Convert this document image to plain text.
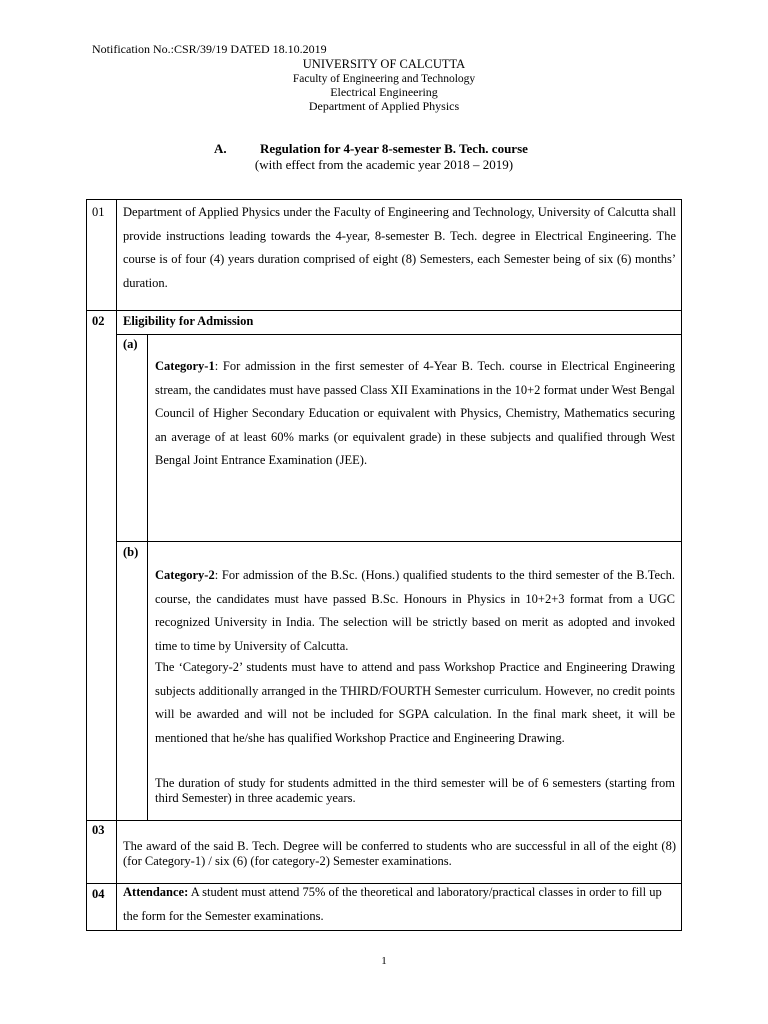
Notification No.:CSR/39/19 DATED 18.10.2019
UNIVERSITY OF CALCUTTA
Faculty of Engineering and Technology
Electrical Engineering
Department of Applied Physics
A.	Regulation for 4-year 8-semester B. Tech. course
(with effect from the academic year 2018 – 2019)
01 Department of Applied Physics under the Faculty of Engineering and Technology, University of Calcutta shall provide instructions leading towards the 4-year, 8-semester B. Tech. degree in Electrical Engineering. The course is of four (4) years duration comprised of eight (8) Semesters, each Semester being of six (6) months’ duration.
02 Eligibility for Admission
(a)
Category-1: For admission in the first semester of 4-Year B. Tech. course in Electrical Engineering stream, the candidates must have passed Class XII Examinations in the 10+2 format under West Bengal Council of Higher Secondary Education or equivalent with Physics, Chemistry, Mathematics securing an average of at least 60% marks (or equivalent grade) in these subjects and qualified through West Bengal Joint Entrance Examination (JEE).
(b)
Category-2: For admission of the B.Sc. (Hons.) qualified students to the third semester of the B.Tech. course, the candidates must have passed B.Sc. Honours in Physics in 10+2+3 format from a UGC recognized University in India. The selection will be strictly based on merit as adopted and invoked time to time by University of Calcutta.
The ‘Category-2’ students must have to attend and pass Workshop Practice and Engineering Drawing subjects additionally arranged in the THIRD/FOURTH Semester curriculum. However, no credit points will be awarded and will not be included for SGPA calculation. In the final mark sheet, it will be mentioned that he/she has qualified Workshop Practice and Engineering Drawing.
The duration of study for students admitted in the third semester will be of 6 semesters (starting from third Semester) in three academic years.
03
The award of the said B. Tech. Degree will be conferred to students who are successful in all of the eight (8) (for Category-1) / six (6) (for category-2) Semester examinations.
04 Attendance: A student must attend 75% of the theoretical and laboratory/practical classes in order to fill up the form for the Semester examinations.
1
